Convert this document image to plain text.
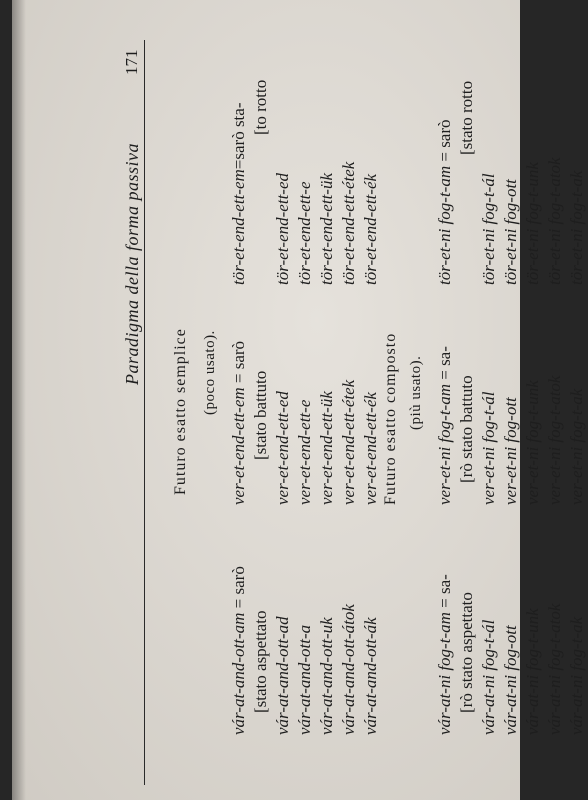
Paradigma della forma passiva
171
Futuro esatto semplice (poco usato).
vár-at-and-ott-am = sarò
[stato aspettato vár-at-and-ott-ad vár-at-and-ott-a vár-at-and-ott-uk vár-at-and-ott-átok vár-at-and-ott-ák
ver-et-end-ett-em = sarò
[stato battuto ver-et-end-ett-ed ver-et-end-ett-e ver-et-end-ett-ük ver-et-end-ett-étek ver-et-end-ett-ék
tör-et-end-ett-em=sarò sta- [to rotto
tör-et-end-ett-ed tör-et-end-ett-e tör-et-end-ett-ük tör-et-end-ett-étek tör-et-end-ett-ék
Futuro esatto composto (più usato).
vár-at-ni fog-t-am = sa- [rò stato aspettato vár-at-ni fog-t-ál vár-at-ni fog-ott vár-at-ni fog-t-unk vár-at-ni fog-t-atok vár-at-ni fog-t-ak
ver-et-ni fog-t-am = sa-
[rò stato battuto ver-et-ni fog-t-ál ver-et-ni fog-ott ver-et-ni fog-t-unk ver-et-ni fog-t-atok ver-et-ni fog-t-ak
tör-et-ni fog-t-am = sarò [stato rotto
tör-et-ni fog-t-ál tör-et-ni fog-ott tör-et-ni fog-t-unk tör-et-ni fog-t-atok tör-et-ni fog-t-ak
